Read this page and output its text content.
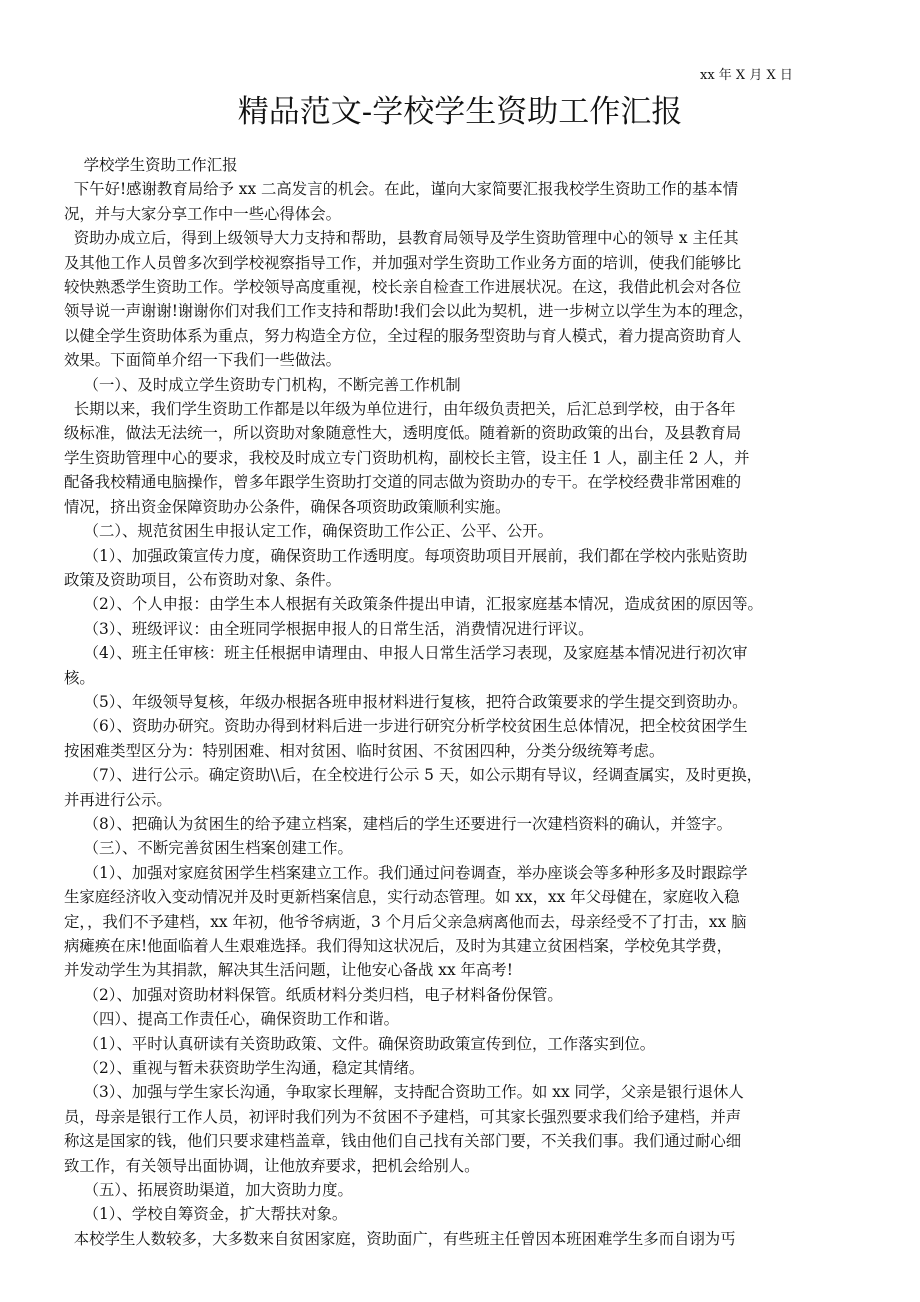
xx 年 X 月 X 日
精品范文-学校学生资助工作汇报

学校学生资助工作汇报

下午好!感谢教育局给予 xx 二高发言的机会。在此，谨向大家简要汇报我校学生资助工作的基本情

况，并与大家分享工作中一些心得体会。

资助办成立后，得到上级领导大力支持和帮助，县教育局领导及学生资助管理中心的领导 x 主任其

及其他工作人员曾多次到学校视察指导工作，并加强对学生资助工作业务方面的培训，使我们能够比

较快熟悉学生资助工作。学校领导高度重视，校长亲自检查工作进展状况。在这，我借此机会对各位

领导说一声谢谢!谢谢你们对我们工作支持和帮助!我们会以此为契机，进一步树立以学生为本的理念，

以健全学生资助体系为重点，努力构造全方位，全过程的服务型资助与育人模式，着力提高资助育人

效果。下面简单介绍一下我们一些做法。

（一）、及时成立学生资助专门机构，不断完善工作机制

长期以来，我们学生资助工作都是以年级为单位进行，由年级负责把关，后汇总到学校，由于各年

级标准，做法无法统一，所以资助对象随意性大，透明度低。随着新的资助政策的出台，及县教育局

学生资助管理中心的要求，我校及时成立专门资助机构，副校长主管，设主任 1 人，副主任 2 人，并

配备我校精通电脑操作，曾多年跟学生资助打交道的同志做为资助办的专干。在学校经费非常困难的

情况，挤出资金保障资助办公条件，确保各项资助政策顺利实施。

（二）、规范贫困生申报认定工作，确保资助工作公正、公平、公开。

（1）、加强政策宣传力度，确保资助工作透明度。每项资助项目开展前，我们都在学校内张贴资助

政策及资助项目，公布资助对象、条件。

（2）、个人申报：由学生本人根据有关政策条件提出申请，汇报家庭基本情况，造成贫困的原因等。

（3）、班级评议：由全班同学根据申报人的日常生活，消费情况进行评议。

（4）、班主任审核：班主任根据申请理由、申报人日常生活学习表现，及家庭基本情况进行初次审

核。

（5）、年级领导复核，年级办根据各班申报材料进行复核，把符合政策要求的学生提交到资助办。

（6）、资助办研究。资助办得到材料后进一步进行研究分析学校贫困生总体情况，把全校贫困学生

按困难类型区分为：特别困难、相对贫困、临时贫困、不贫困四种，分类分级统筹考虑。

（7）、进行公示。确定资助\\后，在全校进行公示 5 天，如公示期有导议，经调查属实，及时更换，

并再进行公示。

（8）、把确认为贫困生的给予建立档案，建档后的学生还要进行一次建档资料的确认，并签字。

（三）、不断完善贫困生档案创建工作。

（1）、加强对家庭贫困学生档案建立工作。我们通过问卷调查，举办座谈会等多种形多及时跟踪学

生家庭经济收入变动情况并及时更新档案信息，实行动态管理。如 xx，xx 年父母健在，家庭收入稳

定，，我们不予建档，xx 年初，他爷爷病逝，3 个月后父亲急病离他而去，母亲经受不了打击，xx 脑

病瘫痪在床!他面临着人生艰难选择。我们得知这状况后，及时为其建立贫困档案，学校免其学费，

并发动学生为其捐款，解决其生活问题，让他安心备战 xx 年高考!

（2）、加强对资助材料保管。纸质材料分类归档，电子材料备份保管。

（四）、提高工作责任心，确保资助工作和谐。

（1）、平时认真研读有关资助政策、文件。确保资助政策宣传到位，工作落实到位。

（2）、重视与暂未获资助学生沟通，稳定其情绪。

（3）、加强与学生家长沟通，争取家长理解，支持配合资助工作。如 xx 同学，父亲是银行退休人

员，母亲是银行工作人员，初评时我们列为不贫困不予建档，可其家长强烈要求我们给予建档，并声

称这是国家的钱，他们只要求建档盖章，钱由他们自己找有关部门要，不关我们事。我们通过耐心细

致工作，有关领导出面协调，让他放弃要求，把机会给别人。

（五）、拓展资助渠道，加大资助力度。

（1）、学校自筹资金，扩大帮扶对象。

本校学生人数较多，大多数来自贫困家庭，资助面广，有些班主任曾因本班困难学生多而自诩为丐
